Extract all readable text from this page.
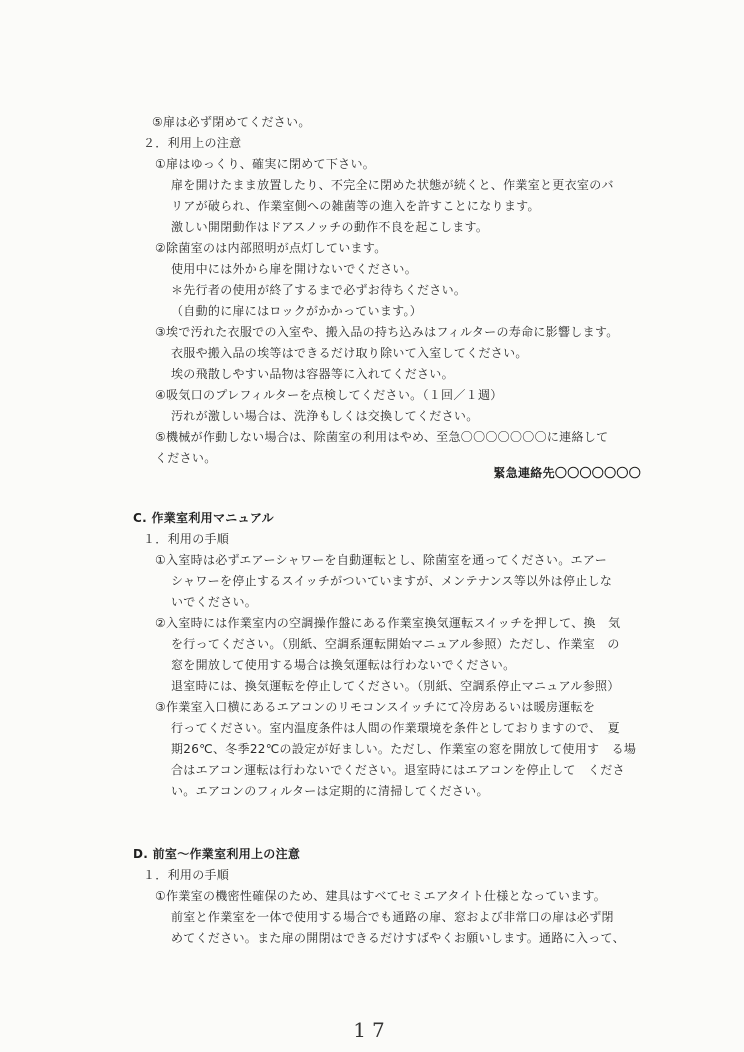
⑤扉は必ず閉めてください。
２．利用上の注意
①扉はゆっくり、確実に閉めて下さい。
扉を開けたまま放置したり、不完全に閉めた状態が続くと、作業室と更衣室のバ
リアが破られ、作業室側への雑菌等の進入を許すことになります。
激しい開閉動作はドアスノッチの動作不良を起こします。
②除菌室のは内部照明が点灯しています。
使用中には外から扉を開けないでください。
＊先行者の使用が終了するまで必ずお待ちください。
（自動的に扉にはロックがかかっています。）
③埃で汚れた衣服での入室や、搬入品の持ち込みはフィルターの寿命に影響します。
衣服や搬入品の埃等はできるだけ取り除いて入室してください。
埃の飛散しやすい品物は容器等に入れてください。
④吸気口のプレフィルターを点検してください。（１回／１週）
汚れが激しい場合は、洗浄もしくは交換してください。
⑤機械が作動しない場合は、除菌室の利用はやめ、至急〇〇〇〇〇〇〇に連絡して
ください。
緊急連絡先〇〇〇〇〇〇〇
C. 作業室利用マニュアル
１．利用の手順
①入室時は必ずエアーシャワーを自動運転とし、除菌室を通ってください。エアー
シャワーを停止するスイッチがついていますが、メンテナンス等以外は停止しな
いでください。
②入室時には作業室内の空調操作盤にある作業室換気運転スイッチを押して、換　気
を行ってください。（別紙、空調系運転開始マニュアル参照）ただし、作業室　の
窓を開放して使用する場合は換気運転は行わないでください。
退室時には、換気運転を停止してください。（別紙、空調系停止マニュアル参照）
③作業室入口横にあるエアコンのリモコンスイッチにて冷房あるいは暖房運転を
行ってください。室内温度条件は人間の作業環境を条件としておりますので、　夏
期26℃、冬季22℃の設定が好ましい。ただし、作業室の窓を開放して使用す　る場
合はエアコン運転は行わないでください。退室時にはエアコンを停止して　くださ
い。エアコンのフィルターは定期的に清掃してください。
D. 前室～作業室利用上の注意
１．利用の手順
①作業室の機密性確保のため、建具はすべてセミエアタイト仕様となっています。
前室と作業室を一体で使用する場合でも通路の扉、窓および非常口の扉は必ず閉
めてください。また扉の開閉はできるだけすばやくお願いします。通路に入って、
17
